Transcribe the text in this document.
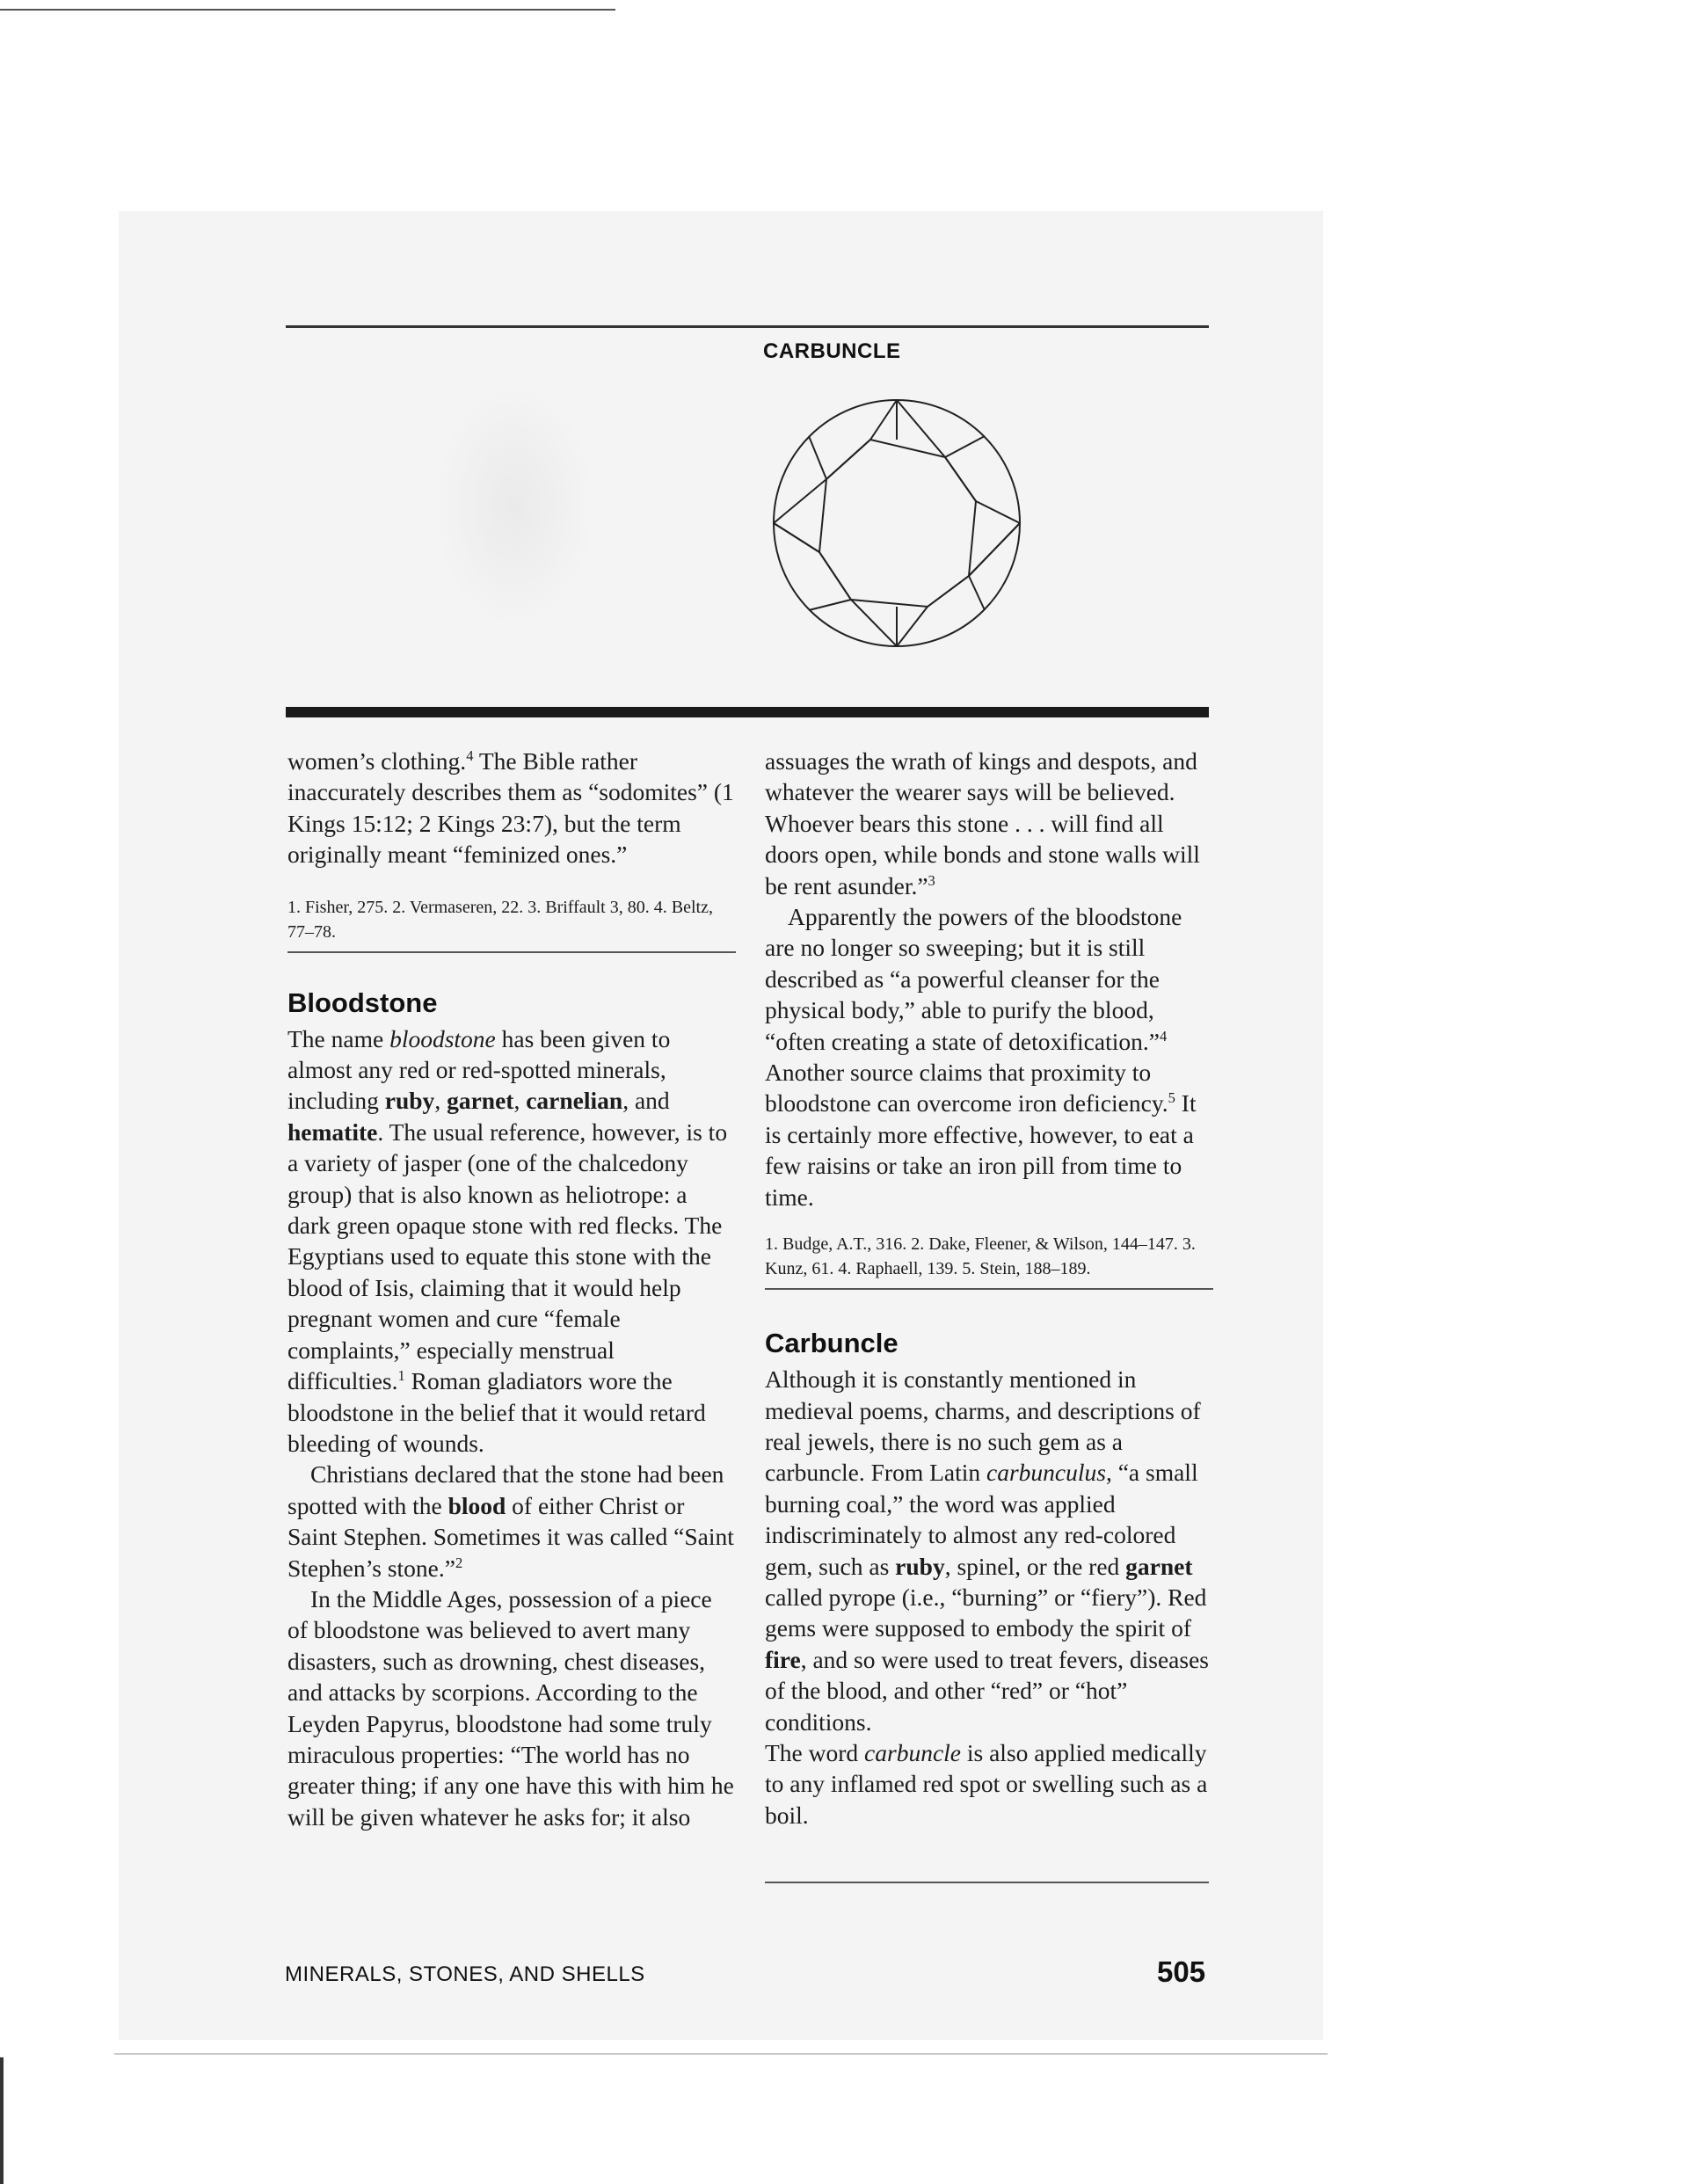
CARBUNCLE

women’s clothing.$^4$ The Bible rather inaccurately describes them as “sodomites” (1 Kings 15:12; 2 Kings 23:7), but the term originally meant “feminized ones.”

1. Fisher, 275. 2. Vermaseren, 22. 3. Briffault 3, 80. 4. Beltz, 77–78.

Bloodstone

The name bloodstone has been given to almost any red or red-spotted minerals, including ruby, garnet, carnelian, and hematite. The usual reference, however, is to a variety of jasper (one of the chalcedony group) that is also known as heliotrope: a dark green opaque stone with red flecks. The Egyptians used to equate this stone with the blood of Isis, claiming that it would help pregnant women and cure “female complaints,” especially menstrual difficulties.$^1$ Roman gladiators wore the bloodstone in the belief that it would retard bleeding of wounds.

Christians declared that the stone had been spotted with the blood of either Christ or Saint Stephen. Sometimes it was called “Saint Stephen’s stone.”$^2$

In the Middle Ages, possession of a piece of bloodstone was believed to avert many disasters, such as drowning, chest diseases, and attacks by scorpions. According to the Leyden Papyrus, bloodstone had some truly miraculous properties: “The world has no greater thing; if any one have this with him he will be given whatever he asks for; it also

assuages the wrath of kings and despots, and whatever the wearer says will be believed. Whoever bears this stone . . . will find all doors open, while bonds and stone walls will be rent asunder.”$^3$

Apparently the powers of the bloodstone are no longer so sweeping; but it is still described as “a powerful cleanser for the physical body,” able to purify the blood, “often creating a state of detoxification.”$^4$ Another source claims that proximity to bloodstone can overcome iron deficiency.$^5$ It is certainly more effective, however, to eat a few raisins or take an iron pill from time to time.

1. Budge, A.T., 316. 2. Dake, Fleener, & Wilson, 144–147. 3. Kunz, 61. 4. Raphaell, 139. 5. Stein, 188–189.

Carbuncle

Although it is constantly mentioned in medieval poems, charms, and descriptions of real jewels, there is no such gem as a carbuncle. From Latin carbunculus, “a small burning coal,” the word was applied indiscriminately to almost any red-colored gem, such as ruby, spinel, or the red garnet called pyrope (i.e., “burning” or “fiery”). Red gems were supposed to embody the spirit of fire, and so were used to treat fevers, diseases of the blood, and other “red” or “hot” conditions.

The word carbuncle is also applied medically to any inflamed red spot or swelling such as a boil.

MINERALS, STONES, AND SHELLS	505
